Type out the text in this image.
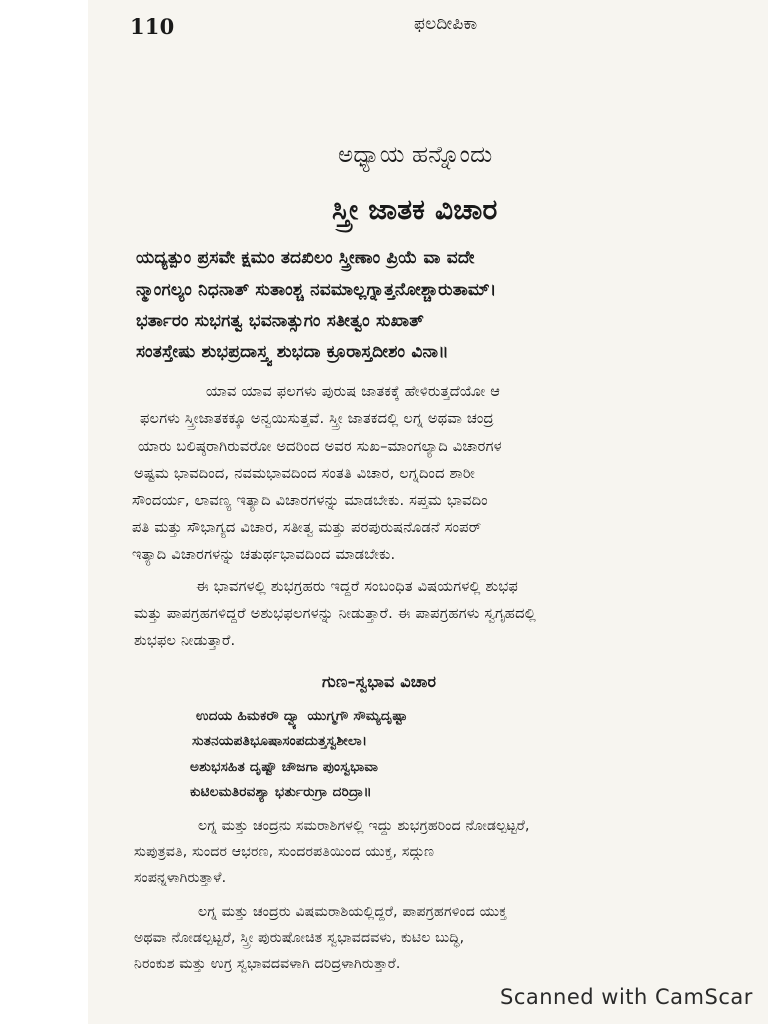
110	ಫಲದೀಪಿಕಾ
ಅಧ್ಯಾಯ ಹನ್ನೊಂದು
ಸ್ತ್ರೀ ಜಾತಕ ವಿಚಾರ
ಯದ್ಯತ್ಪುಂ ಪ್ರಸವೇ ಕ್ಷಮಂ ತದಖಿಲಂ ಸ್ತ್ರೀಣಾಂ ಪ್ರಿಯೆ ವಾ ವದೇ
ನ್ಮಾಂಗಲ್ಯಂ ನಿಧನಾತ್ ಸುತಾಂಶ್ಚ ನವಮಾಲ್ಲಗ್ನಾತ್ತನೋಶ್ಚಾರುತಾಮ್।
ಭರ್ತಾರಂ ಸುಭಗತ್ವ ಭವನಾತ್ಸುಗಂ ಸತೀತ್ವಂ ಸುಖಾತ್
ಸಂತಸ್ತೇಷು ಶುಭಪ್ರದಾಸ್ತ್ವ ಶುಭದಾ ಕ್ರೂರಾಸ್ತದೀಶಂ ವಿನಾ॥
ಯಾವ ಯಾವ ಫಲಗಳು ಪುರುಷ ಜಾತಕಕ್ಕೆ ಹೇಳಿರುತ್ತದೆಯೋ ಆ
ಫಲಗಳು ಸ್ತ್ರೀಜಾತಕಕ್ಕೂ ಅನ್ವಯಿಸುತ್ತವೆ. ಸ್ತ್ರೀ ಜಾತಕದಲ್ಲಿ ಲಗ್ನ ಅಥವಾ ಚಂದ್ರ
ಯಾರು ಬಲಿಷ್ಠರಾಗಿರುವರೋ ಅದರಿಂದ ಅವರ ಸುಖ–ಮಾಂಗಲ್ಯಾದಿ ವಿಚಾರಗಳ
ಅಷ್ಟಮ ಭಾವದಿಂದ, ನವಮಭಾವದಿಂದ ಸಂತತಿ ವಿಚಾರ, ಲಗ್ನದಿಂದ ಶಾರೀ
ಸೌಂದರ್ಯ, ಲಾವಣ್ಯ ಇತ್ಯಾದಿ ವಿಚಾರಗಳನ್ನು ಮಾಡಬೇಕು. ಸಪ್ತಮ ಭಾವದಿಂ
ಪತಿ ಮತ್ತು ಸೌಭಾಗ್ಯದ ವಿಚಾರ, ಸತೀತ್ವ ಮತ್ತು ಪರಪುರುಷನೊಡನೆ ಸಂಪರ್
ಇತ್ಯಾದಿ ವಿಚಾರಗಳನ್ನು ಚತುರ್ಥಭಾವದಿಂದ ಮಾಡಬೇಕು.
ಈ ಭಾವಗಳಲ್ಲಿ ಶುಭಗ್ರಹರು ಇದ್ದರೆ ಸಂಬಂಧಿತ ವಿಷಯಗಳಲ್ಲಿ ಶುಭಫ
ಮತ್ತು ಪಾಪಗ್ರಹಗಳಿದ್ದರೆ ಅಶುಭಫಲಗಳನ್ನು ನೀಡುತ್ತಾರೆ. ಈ ಪಾಪಗ್ರಹಗಳು ಸ್ವಗೃಹದಲ್ಲಿ
ಶುಭಫಲ ನೀಡುತ್ತಾರೆ.
ಗುಣ–ಸ್ವಭಾವ ವಿಚಾರ
ಉದಯ ಹಿಮಕರೌ ದ್ವ್ಯಾ ಯುಗ್ಮಗೌ ಸೌಮ್ಯದೃಷ್ಟಾ
ಸುತನಯಪತಿಭೂಷಾಸಂಪದುತ್ತಸ್ವಶೀಲಾ।
ಅಶುಭಸಹಿತ ದೃಷ್ಟೌ ಚೌಜಗಾ ಪುಂಸ್ವಭಾವಾ
ಕುಟಿಲಮತಿರವಶ್ಯಾ ಭರ್ತುರುಗ್ರಾ ದರಿದ್ರಾ॥
ಲಗ್ನ ಮತ್ತು ಚಂದ್ರನು ಸಮರಾಶಿಗಳಲ್ಲಿ ಇದ್ದು ಶುಭಗ್ರಹರಿಂದ ನೋಡಲ್ಪಟ್ಟರೆ,
ಸುಪುತ್ರವತಿ, ಸುಂದರ ಆಭರಣ, ಸುಂದರಪತಿಯಿಂದ ಯುಕ್ತ, ಸದ್ಗುಣ
ಸಂಪನ್ನಳಾಗಿರುತ್ತಾಳೆ.
ಲಗ್ನ ಮತ್ತು ಚಂದ್ರರು ವಿಷಮರಾಶಿಯಲ್ಲಿದ್ದರೆ, ಪಾಪಗ್ರಹಗಳಿಂದ ಯುಕ್ತ
ಅಥವಾ ನೋಡಲ್ಪಟ್ಟರೆ, ಸ್ತ್ರೀ ಪುರುಷೋಚಿತ ಸ್ವಭಾವದವಳು, ಕುಟಿಲ ಬುದ್ಧಿ,
ನಿರಂಕುಶ ಮತ್ತು ಉಗ್ರ ಸ್ವಭಾವದವಳಾಗಿ ದರಿದ್ರಳಾಗಿರುತ್ತಾರೆ.
Scanned with CamScar
